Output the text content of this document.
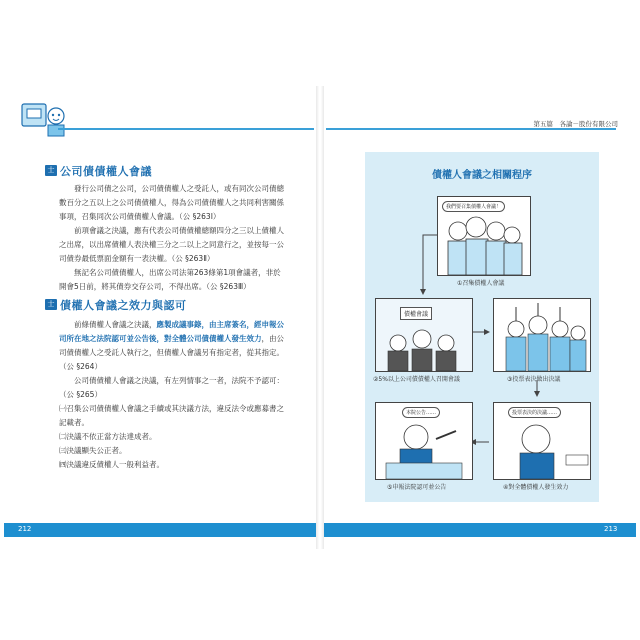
第五篇　各論－股份有限公司
士 公司債債權人會議

發行公司債之公司，公司債債權人之受託人，或有同次公司債總數百分之五以上之公司債債權人，得為公司債債權人之共同利害關係事項，召集同次公司債債權人會議。（公 §263Ⅰ）

前項會議之決議，應有代表公司債債權總額四分之三以上債權人之出席，以出席債權人表決權三分之二以上之同意行之，並按每一公司債券最低票面金額有一表決權。（公 §263Ⅱ）

無記名公司債債權人，出席公司法第263條第1項會議者，非於開會5日前，將其債券交存公司，不得出席。（公 §263Ⅲ）

士 債權人會議之效力與認可

前條債權人會議之決議，應製成議事錄，由主席簽名，經申報公司所在地之法院認可並公告後，對全體公司債債權人發生效力，由公司債債權人之受託人執行之，但債權人會議另有指定者，從其指定。（公 §264）

公司債債權人會議之決議，有左列情事之一者，法院不予認可：（公 §265）

㈠召集公司債債權人會議之手續或其決議方法，違反法令或應募書之記載者。
㈡決議不依正當方法達成者。
㈢決議顯失公正者。
㈣決議違反債權人一般利益者。
債權人會議之相關程序
我們要召集債權人會議！
①召集債權人會議
債權會議
②5%以上公司債債權人召開會議	③投票表決做出決議
投票表決的決議……
④對全體債權人發生效力
本院公告……
⑤申報法院認可並公告
212	213
